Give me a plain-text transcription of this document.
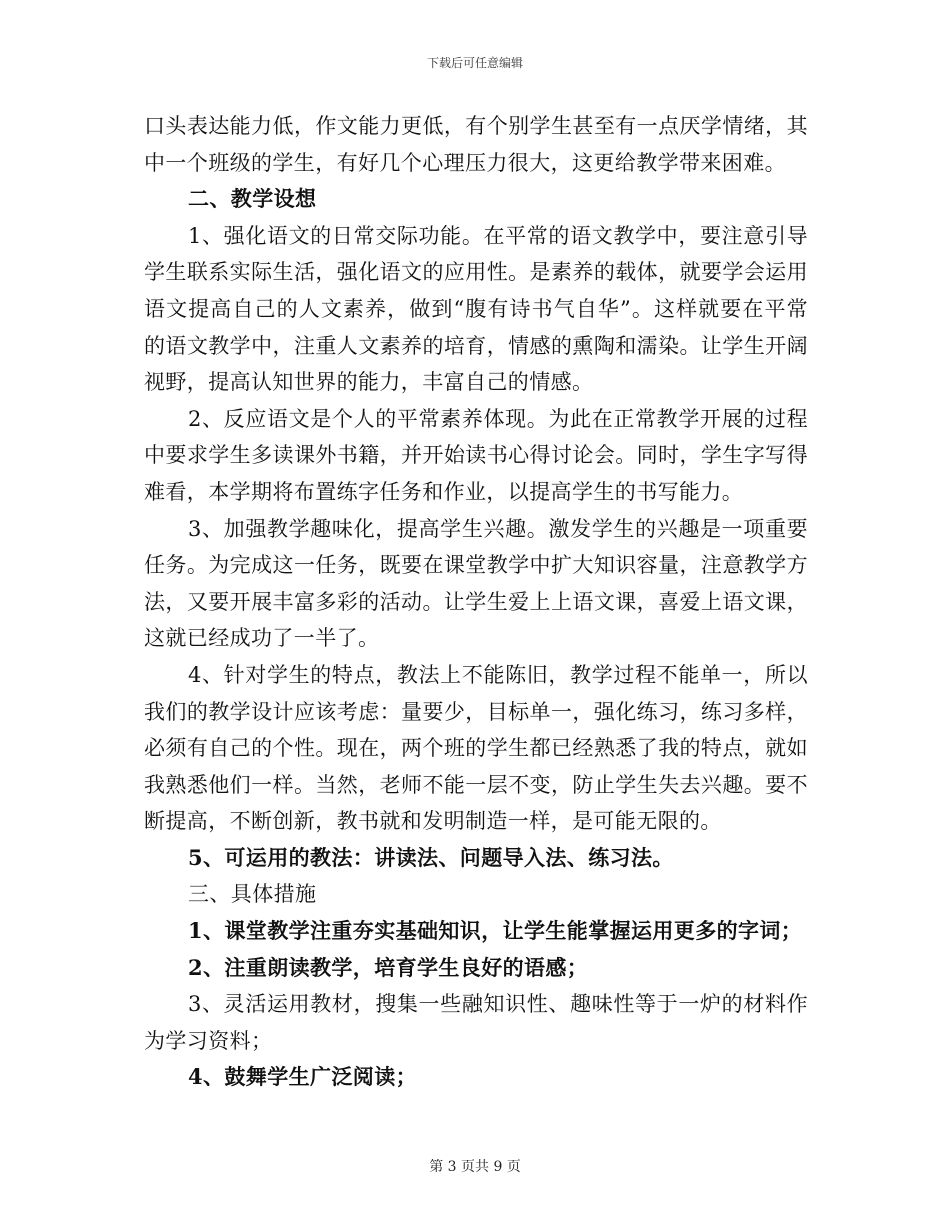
下载后可任意编辑

口头表达能力低，作文能力更低，有个别学生甚至有一点厌学情绪，其中一个班级的学生，有好几个心理压力很大，这更给教学带来困难。

二、教学设想

1、强化语文的日常交际功能。在平常的语文教学中，要注意引导学生联系实际生活，强化语文的应用性。是素养的载体，就要学会运用语文提高自己的人文素养，做到“腹有诗书气自华”。这样就要在平常的语文教学中，注重人文素养的培育，情感的熏陶和濡染。让学生开阔视野，提高认知世界的能力，丰富自己的情感。

2、反应语文是个人的平常素养体现。为此在正常教学开展的过程中要求学生多读课外书籍，并开始读书心得讨论会。同时，学生字写得难看，本学期将布置练字任务和作业，以提高学生的书写能力。

3、加强教学趣味化，提高学生兴趣。激发学生的兴趣是一项重要任务。为完成这一任务，既要在课堂教学中扩大知识容量，注意教学方法，又要开展丰富多彩的活动。让学生爱上上语文课，喜爱上语文课，这就已经成功了一半了。

4、针对学生的特点，教法上不能陈旧，教学过程不能单一，所以我们的教学设计应该考虑：量要少，目标单一，强化练习，练习多样，必须有自己的个性。现在，两个班的学生都已经熟悉了我的特点，就如我熟悉他们一样。当然，老师不能一层不变，防止学生失去兴趣。要不断提高，不断创新，教书就和发明制造一样，是可能无限的。

5、可运用的教法：讲读法、问题导入法、练习法。

三、具体措施

1、课堂教学注重夯实基础知识，让学生能掌握运用更多的字词；

2、注重朗读教学，培育学生良好的语感；

3、灵活运用教材，搜集一些融知识性、趣味性等于一炉的材料作为学习资料；

4、鼓舞学生广泛阅读；

第 3 页共 9 页
